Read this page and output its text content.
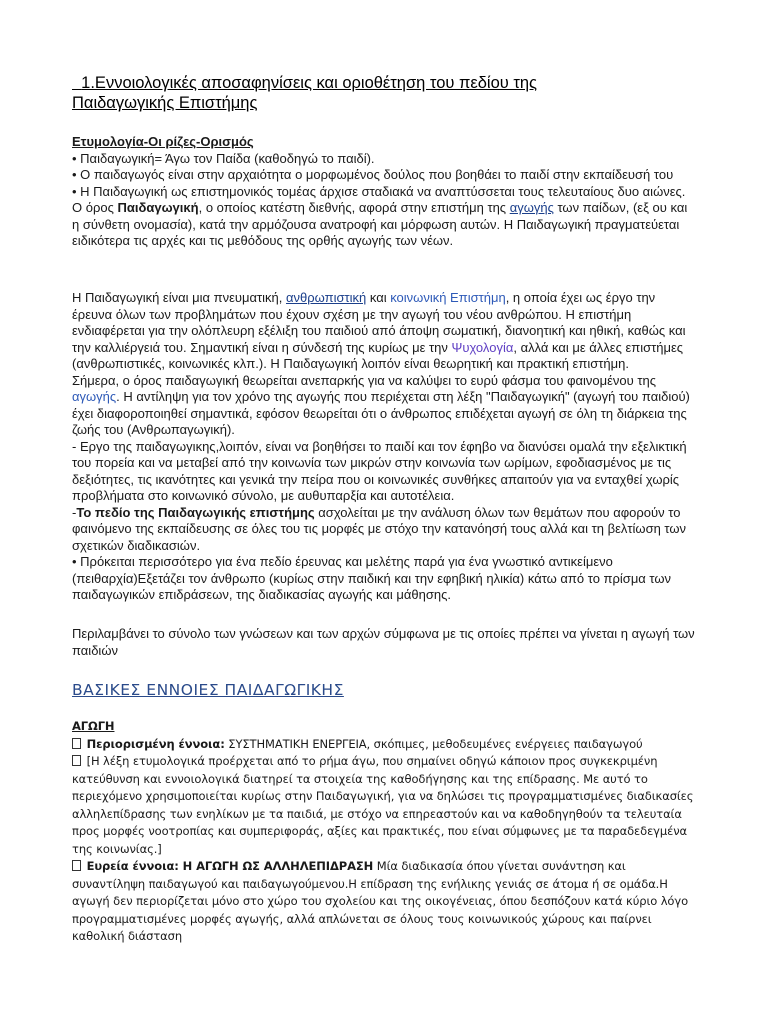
1.Εννοιολογικές αποσαφηνίσεις και οριοθέτηση του πεδίου της
Παιδαγωγικής Επιστήμης

Ετυμολογία-Οι ρίζες-Ορισμός

• Παιδαγωγική= Άγω τον Παίδα (καθοδηγώ το παιδί).

• Ο παιδαγωγός είναι στην αρχαιότητα ο μορφωμένος δούλος που βοηθάει το παιδί στην εκπαίδευσή του

• Η Παιδαγωγική ως επιστημονικός τομέας άρχισε σταδιακά να αναπτύσσεται τους τελευταίους δυο αιώνες.

Ο όρος Παιδαγωγική, ο οποίος κατέστη διεθνής, αφορά στην επιστήμη της αγωγής των παίδων, (εξ ου και η σύνθετη ονομασία), κατά την αρμόζουσα ανατροφή και μόρφωση αυτών. Η Παιδαγωγική πραγματεύεται ειδικότερα τις αρχές και τις μεθόδους της ορθής αγωγής των νέων.

Η Παιδαγωγική είναι μια πνευματική, ανθρωπιστική και κοινωνική Επιστήμη, η οποία έχει ως έργο την έρευνα όλων των προβλημάτων που έχουν σχέση με την αγωγή του νέου ανθρώπου. Η επιστήμη ενδιαφέρεται για την ολόπλευρη εξέλιξη του παιδιού από άποψη σωματική, διανοητική και ηθική, καθώς και την καλλιέργειά του. Σημαντική είναι η σύνδεσή της κυρίως με την Ψυχολογία, αλλά και με άλλες επιστήμες (ανθρωπιστικές, κοινωνικές κλπ.). Η Παιδαγωγική λοιπόν είναι θεωρητική και πρακτική επιστήμη.

Σήμερα, ο όρος παιδαγωγική θεωρείται ανεπαρκής για να καλύψει το ευρύ φάσμα του φαινομένου της αγωγής. Η αντίληψη για τον χρόνο της αγωγής που περιέχεται στη λέξη "Παιδαγωγική" (αγωγή του παιδιού) έχει διαφοροποιηθεί σημαντικά, εφόσον θεωρείται ότι ο άνθρωπος επιδέχεται αγωγή σε όλη τη διάρκεια της ζωής του (Ανθρωπαγωγική).

- Εργο της παιδαγωγικης,λοιπόν, είναι να βοηθήσει το παιδί και τον έφηβο να διανύσει ομαλά την εξελικτική του πορεία και να μεταβεί από την κοινωνία των μικρών στην κοινωνία των ωρίμων, εφοδιασμένος με τις δεξιότητες, τις ικανότητες και γενικά την πείρα που οι κοινωνικές συνθήκες απαιτούν για να ενταχθεί χωρίς προβλήματα στο κοινωνικό σύνολο, με αυθυπαρξία και αυτοτέλεια.

-Το πεδίο της Παιδαγωγικής επιστήμης ασχολείται με την ανάλυση όλων των θεμάτων που αφορούν το φαινόμενο της εκπαίδευσης σε όλες του τις μορφές με στόχο την κατανόησή τους αλλά και τη βελτίωση των σχετικών διαδικασιών.

• Πρόκειται περισσότερο για ένα πεδίο έρευνας και μελέτης παρά για ένα γνωστικό αντικείμενο (πειθαρχία)Εξετάζει τον άνθρωπο (κυρίως στην παιδική και την εφηβική ηλικία) κάτω από το πρίσμα των παιδαγωγικών επιδράσεων, της διαδικασίας αγωγής και μάθησης.

Περιλαμβάνει το σύνολο των γνώσεων και των αρχών σύμφωνα με τις οποίες πρέπει να γίνεται η αγωγή των παιδιών

ΒΑΣΙΚΕΣ ΕΝΝΟΙΕΣ ΠΑΙΔΑΓΩΓΙΚΗΣ

ΑΓΩΓΗ

Περιορισμένη έννοια: ΣΥΣΤΗΜΑΤΙΚΗ ΕΝΕΡΓΕΙΑ, σκόπιμες, μεθοδευμένες ενέργειες παιδαγωγού

[Η λέξη ετυμολογικά προέρχεται από το ρήμα άγω, που σημαίνει οδηγώ κάποιον προς συγκεκριμένη κατεύθυνση και εννοιολογικά διατηρεί τα στοιχεία της καθοδήγησης και της επίδρασης. Με αυτό το περιεχόμενο χρησιμοποιείται κυρίως στην Παιδαγωγική, για να δηλώσει τις προγραμματισμένες διαδικασίες αλληλεπίδρασης των ενηλίκων με τα παιδιά, με στόχο να επηρεαστούν και να καθοδηγηθούν τα τελευταία προς μορφές νοοτροπίας και συμπεριφοράς, αξίες και πρακτικές, που είναι σύμφωνες με τα παραδεδεγμένα της κοινωνίας.]

Ευρεία έννοια: Η ΑΓΩΓΗ ΩΣ ΑΛΛΗΛΕΠΙΔΡΑΣΗ Μία διαδικασία όπου γίνεται συνάντηση και συναντίληψη παιδαγωγού και παιδαγωγούμενου.Η επίδραση της ενήλικης γενιάς σε άτομα ή σε ομάδα.Η αγωγή δεν περιορίζεται μόνο στο χώρο του σχολείου και της οικογένειας, όπου δεσπόζουν κατά κύριο λόγο προγραμματισμένες μορφές αγωγής, αλλά απλώνεται σε όλους τους κοινωνικούς χώρους και παίρνει καθολική διάσταση
